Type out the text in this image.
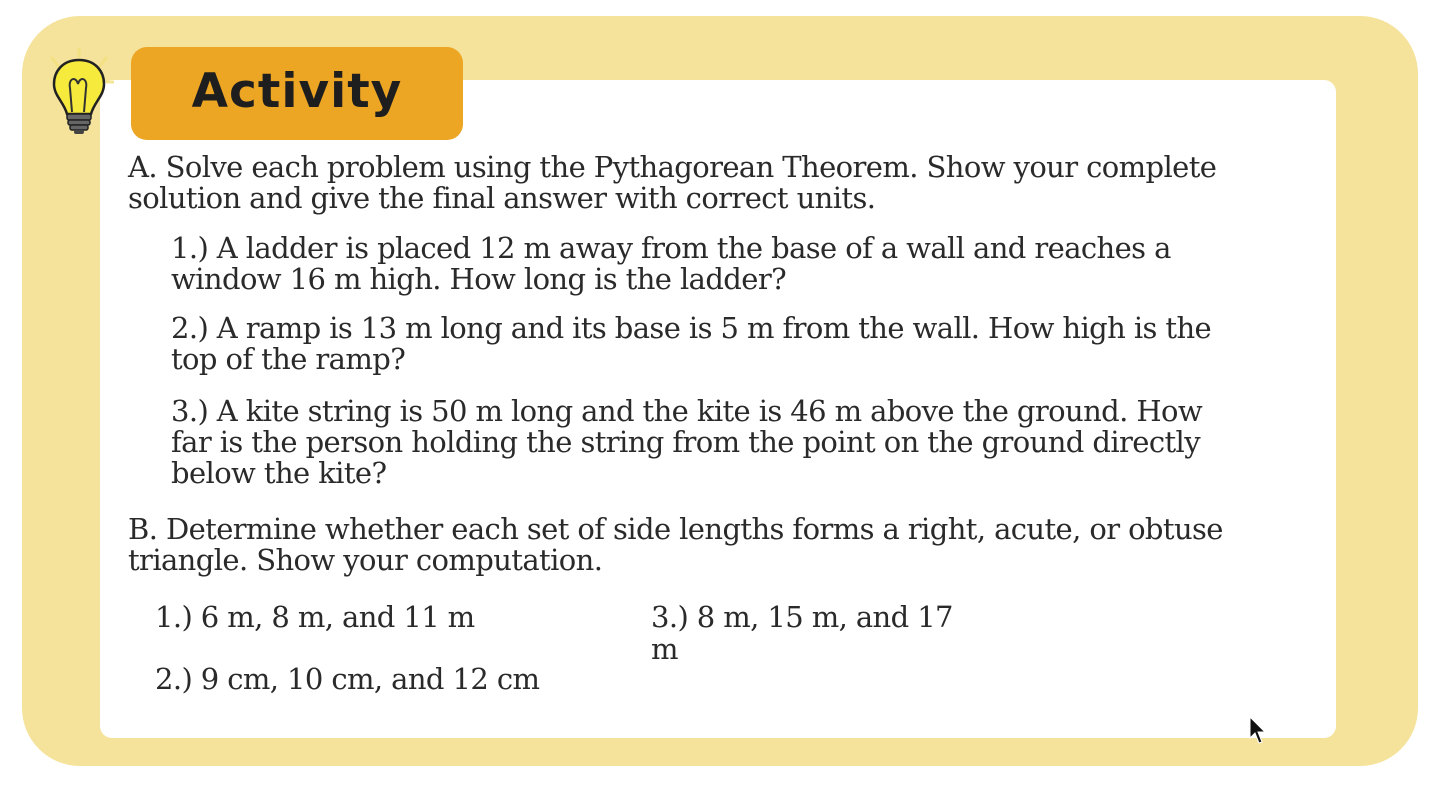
Activity
A. Solve each problem using the Pythagorean Theorem. Show your complete
solution and give the final answer with correct units.
1.) A ladder is placed 12 m away from the base of a wall and reaches a
window 16 m high. How long is the ladder?
2.) A ramp is 13 m long and its base is 5 m from the wall. How high is the
top of the ramp?
3.) A kite string is 50 m long and the kite is 46 m above the ground. How
far is the person holding the string from the point on the ground directly
below the kite?
B. Determine whether each set of side lengths forms a right, acute, or obtuse
triangle. Show your computation.
1.) 6 m, 8 m, and 11 m
2.) 9 cm, 10 cm, and 12 cm
3.) 8 m, 15 m, and 17
m
